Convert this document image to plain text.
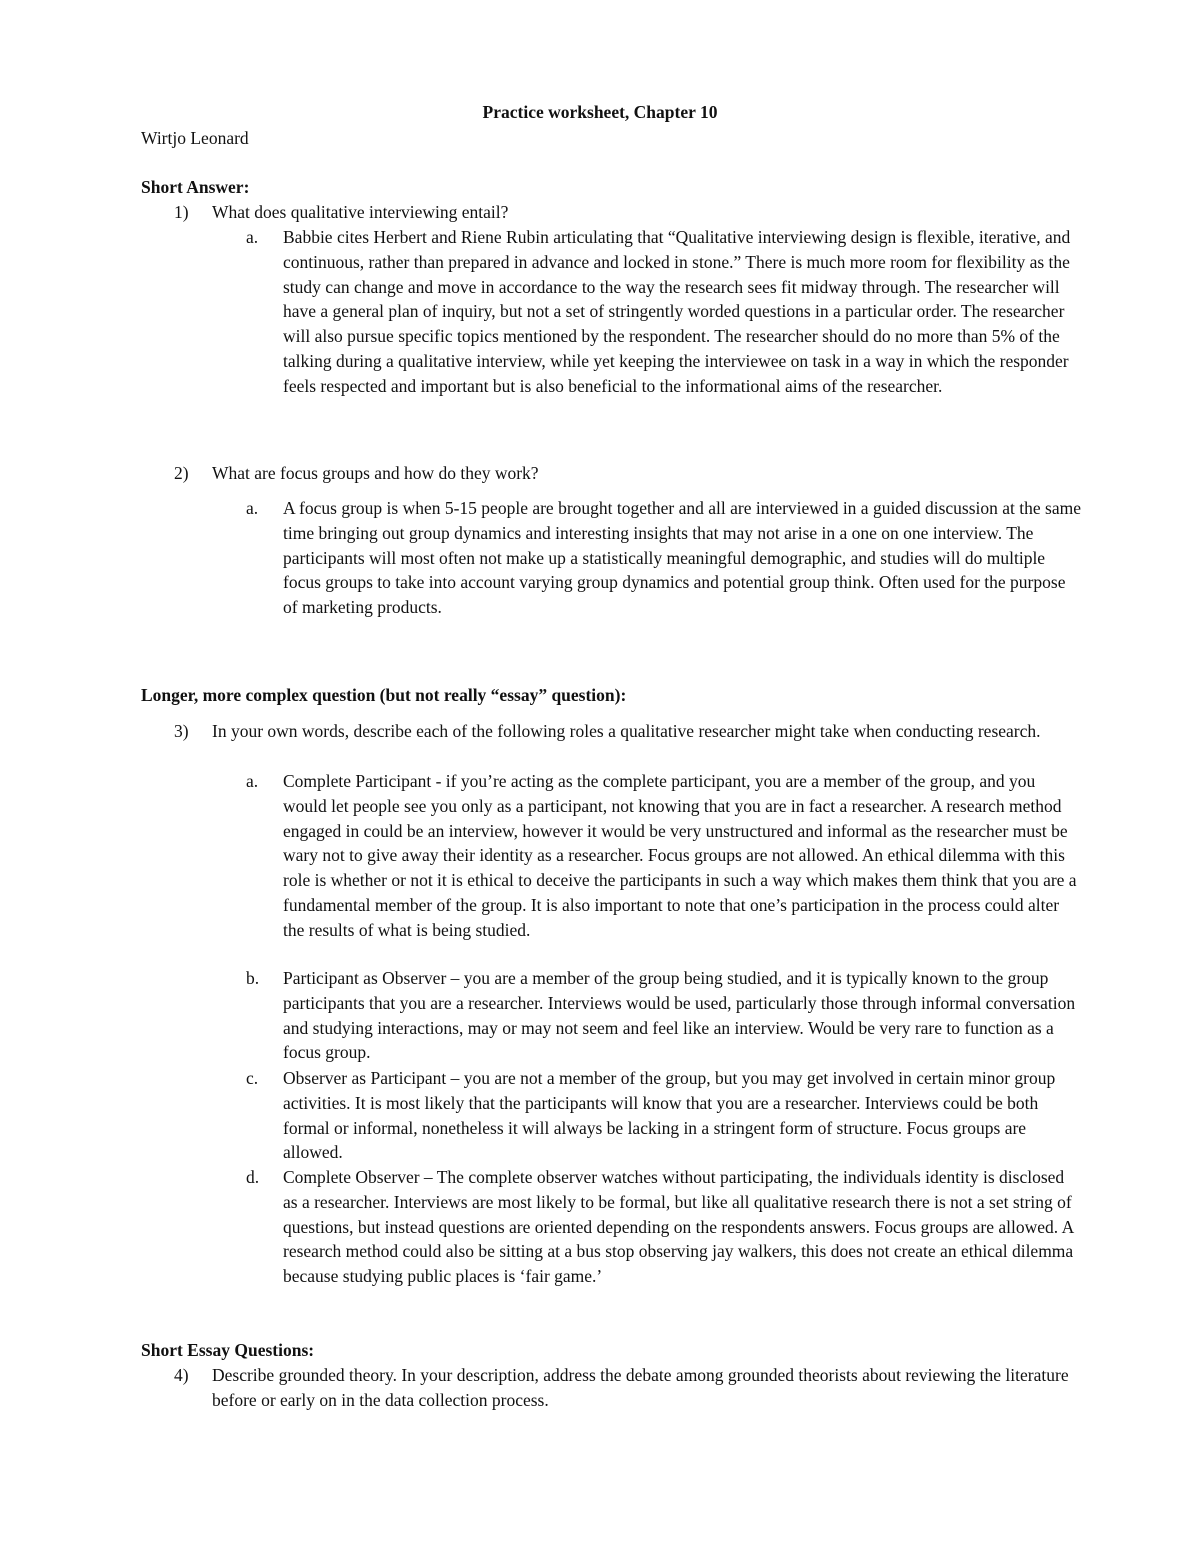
Practice worksheet, Chapter 10

Wirtjo Leonard

Short Answer:

1) What does qualitative interviewing entail?

a. Babbie cites Herbert and Riene Rubin articulating that “Qualitative interviewing design is flexible, iterative, and continuous, rather than prepared in advance and locked in stone.” There is much more room for flexibility as the study can change and move in accordance to the way the research sees fit midway through. The researcher will have a general plan of inquiry, but not a set of stringently worded questions in a particular order. The researcher will also pursue specific topics mentioned by the respondent. The researcher should do no more than 5% of the talking during a qualitative interview, while yet keeping the interviewee on task in a way in which the responder feels respected and important but is also beneficial to the informational aims of the researcher.

2) What are focus groups and how do they work?

a. A focus group is when 5-15 people are brought together and all are interviewed in a guided discussion at the same time bringing out group dynamics and interesting insights that may not arise in a one on one interview. The participants will most often not make up a statistically meaningful demographic, and studies will do multiple focus groups to take into account varying group dynamics and potential group think. Often used for the purpose of marketing products.

Longer, more complex question (but not really “essay” question):

3) In your own words, describe each of the following roles a qualitative researcher might take when conducting research.

a. Complete Participant - if you’re acting as the complete participant, you are a member of the group, and you would let people see you only as a participant, not knowing that you are in fact a researcher. A research method engaged in could be an interview, however it would be very unstructured and informal as the researcher must be wary not to give away their identity as a researcher. Focus groups are not allowed. An ethical dilemma with this role is whether or not it is ethical to deceive the participants in such a way which makes them think that you are a fundamental member of the group. It is also important to note that one’s participation in the process could alter the results of what is being studied.

b. Participant as Observer – you are a member of the group being studied, and it is typically known to the group participants that you are a researcher. Interviews would be used, particularly those through informal conversation and studying interactions, may or may not seem and feel like an interview. Would be very rare to function as a focus group.

c. Observer as Participant – you are not a member of the group, but you may get involved in certain minor group activities. It is most likely that the participants will know that you are a researcher. Interviews could be both formal or informal, nonetheless it will always be lacking in a stringent form of structure. Focus groups are allowed.

d. Complete Observer – The complete observer watches without participating, the individuals identity is disclosed as a researcher. Interviews are most likely to be formal, but like all qualitative research there is not a set string of questions, but instead questions are oriented depending on the respondents answers. Focus groups are allowed. A research method could also be sitting at a bus stop observing jay walkers, this does not create an ethical dilemma because studying public places is ‘fair game.’

Short Essay Questions:

4) Describe grounded theory. In your description, address the debate among grounded theorists about reviewing the literature before or early on in the data collection process.
